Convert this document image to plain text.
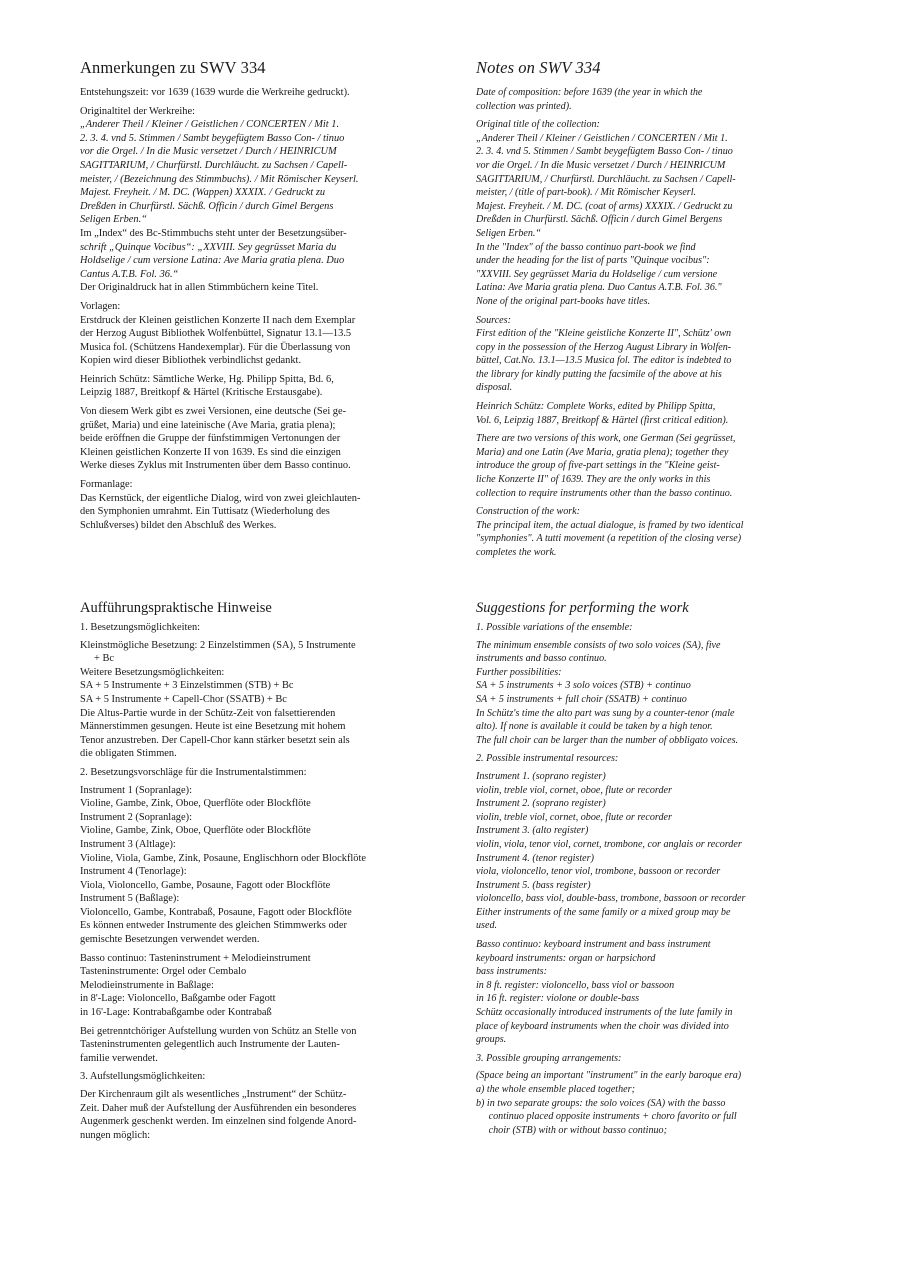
Anmerkungen zu SWV 334

Entstehungszeit: vor 1639 (1639 wurde die Werkreihe gedruckt).

Originaltitel der Werkreihe:

„Anderer Theil / Kleiner / Geistlichen / CONCERTEN / Mit 1.

2. 3. 4. vnd 5. Stimmen / Sambt beygefügtem Basso Con- / tinuo

vor die Orgel. / In die Music versetzet / Durch / HEINRICUM

SAGITTARIUM, / Churfürstl. Durchläucht. zu Sachsen / Capell-

meister, / (Bezeichnung des Stimmbuchs). / Mit Römischer Keyserl.

Majest. Freyheit. / M. DC. (Wappen) XXXIX. / Gedruckt zu

Dreßden in Churfürstl. Sächß. Officin / durch Gimel Bergens

Seligen Erben.“

Im „Index“ des Bc-Stimmbuchs steht unter der Besetzungsüber-

schrift „Quinque Vocibus“: „XXVIII. Sey gegrüsset Maria du

Holdselige / cum versione Latina: Ave Maria gratia plena. Duo

Cantus A.T.B. Fol. 36.“

Der Originaldruck hat in allen Stimmbüchern keine Titel.

Vorlagen:

Erstdruck der Kleinen geistlichen Konzerte II nach dem Exemplar

der Herzog August Bibliothek Wolfenbüttel, Signatur 13.1—13.5

Musica fol. (Schützens Handexemplar). Für die Überlassung von

Kopien wird dieser Bibliothek verbindlichst gedankt.

Heinrich Schütz: Sämtliche Werke, Hg. Philipp Spitta, Bd. 6,

Leipzig 1887, Breitkopf & Härtel (Kritische Erstausgabe).

Von diesem Werk gibt es zwei Versionen, eine deutsche (Sei ge-

grüßet, Maria) und eine lateinische (Ave Maria, gratia plena);

beide eröffnen die Gruppe der fünfstimmigen Vertonungen der

Kleinen geistlichen Konzerte II von 1639. Es sind die einzigen

Werke dieses Zyklus mit Instrumenten über dem Basso continuo.

Formanlage:

Das Kernstück, der eigentliche Dialog, wird von zwei gleichlauten-

den Symphonien umrahmt. Ein Tuttisatz (Wiederholung des

Schlußverses) bildet den Abschluß des Werkes.

Notes on SWV 334

Date of composition: before 1639 (the year in which the

collection was printed).

Original title of the collection:

„Anderer Theil / Kleiner / Geistlichen / CONCERTEN / Mit 1.

2. 3. 4. vnd 5. Stimmen / Sambt beygefügtem Basso Con- / tinuo

vor die Orgel. / In die Music versetzet / Durch / HEINRICUM

SAGITTARIUM, / Churfürstl. Durchläucht. zu Sachsen / Capell-

meister, / (title of part-book). / Mit Römischer Keyserl.

Majest. Freyheit. / M. DC. (coat of arms) XXXIX. / Gedruckt zu

Dreßden in Churfürstl. Sächß. Officin / durch Gimel Bergens

Seligen Erben.“

In the "Index" of the basso continuo part-book we find

under the heading for the list of parts "Quinque vocibus":

"XXVIII. Sey gegrüsset Maria du Holdselige / cum versione

Latina: Ave Maria gratia plena. Duo Cantus A.T.B. Fol. 36."

None of the original part-books have titles.

Sources:

First edition of the "Kleine geistliche Konzerte II", Schütz' own

copy in the possession of the Herzog August Library in Wolfen-

büttel, Cat.No. 13.1—13.5 Musica fol. The editor is indebted to

the library for kindly putting the facsimile of the above at his

disposal.

Heinrich Schütz: Complete Works, edited by Philipp Spitta,

Vol. 6, Leipzig 1887, Breitkopf & Härtel (first critical edition).

There are two versions of this work, one German (Sei gegrüsset,

Maria) and one Latin (Ave Maria, gratia plena); together they

introduce the group of five-part settings in the "Kleine geist-

liche Konzerte II" of 1639. They are the only works in this

collection to require instruments other than the basso continuo.

Construction of the work:

The principal item, the actual dialogue, is framed by two identical

"symphonies". A tutti movement (a repetition of the closing verse)

completes the work.

Aufführungspraktische Hinweise

1. Besetzungsmöglichkeiten:

Kleinstmögliche Besetzung: 2 Einzelstimmen (SA), 5 Instrumente

+ Bc

Weitere Besetzungsmöglichkeiten:

SA + 5 Instrumente + 3 Einzelstimmen (STB) + Bc

SA + 5 Instrumente + Capell-Chor (SSATB) + Bc

Die Altus-Partie wurde in der Schütz-Zeit von falsettierenden

Männerstimmen gesungen. Heute ist eine Besetzung mit hohem

Tenor anzustreben. Der Capell-Chor kann stärker besetzt sein als

die obligaten Stimmen.

2. Besetzungsvorschläge für die Instrumentalstimmen:

Instrument 1 (Sopranlage):

Violine, Gambe, Zink, Oboe, Querflöte oder Blockflöte

Instrument 2 (Sopranlage):

Violine, Gambe, Zink, Oboe, Querflöte oder Blockflöte

Instrument 3 (Altlage):

Violine, Viola, Gambe, Zink, Posaune, Englischhorn oder Blockflöte

Instrument 4 (Tenorlage):

Viola, Violoncello, Gambe, Posaune, Fagott oder Blockflöte

Instrument 5 (Baßlage):

Violoncello, Gambe, Kontrabaß, Posaune, Fagott oder Blockflöte

Es können entweder Instrumente des gleichen Stimmwerks oder

gemischte Besetzungen verwendet werden.

Basso continuo: Tasteninstrument + Melodieinstrument

Tasteninstrumente: Orgel oder Cembalo

Melodieinstrumente in Baßlage:

in 8'-Lage: Violoncello, Baßgambe oder Fagott

in 16'-Lage: Kontrabaßgambe oder Kontrabaß

Bei getrenntchöriger Aufstellung wurden von Schütz an Stelle von

Tasteninstrumenten gelegentlich auch Instrumente der Lauten-

familie verwendet.

3. Aufstellungsmöglichkeiten:

Der Kirchenraum gilt als wesentliches „Instrument“ der Schütz-

Zeit. Daher muß der Aufstellung der Ausführenden ein besonderes

Augenmerk geschenkt werden. Im einzelnen sind folgende Anord-

nungen möglich:

Suggestions for performing the work

1. Possible variations of the ensemble:

The minimum ensemble consists of two solo voices (SA), five

instruments and basso continuo.

Further possibilities:

SA + 5 instruments + 3 solo voices (STB) + continuo

SA + 5 instruments + full choir (SSATB) + continuo

In Schütz's time the alto part was sung by a counter-tenor (male

alto). If none is available it could be taken by a high tenor.

The full choir can be larger than the number of obbligato voices.

2. Possible instrumental resources:

Instrument 1. (soprano register)

violin, treble viol, cornet, oboe, flute or recorder

Instrument 2. (soprano register)

violin, treble viol, cornet, oboe, flute or recorder

Instrument 3. (alto register)

violin, viola, tenor viol, cornet, trombone, cor anglais or recorder

Instrument 4. (tenor register)

viola, violoncello, tenor viol, trombone, bassoon or recorder

Instrument 5. (bass register)

violoncello, bass viol, double-bass, trombone, bassoon or recorder

Either instruments of the same family or a mixed group may be

used.

Basso continuo: keyboard instrument and bass instrument

keyboard instruments: organ or harpsichord

bass instruments:

in 8 ft. register: violoncello, bass viol or bassoon

in 16 ft. register: violone or double-bass

Schütz occasionally introduced instruments of the lute family in

place of keyboard instruments when the choir was divided into

groups.

3. Possible grouping arrangements:

(Space being an important "instrument" in the early baroque era)

a) the whole ensemble placed together;

b) in two separate groups: the solo voices (SA) with the basso

continuo placed opposite instruments + choro favorito or full

choir (STB) with or without basso continuo;
